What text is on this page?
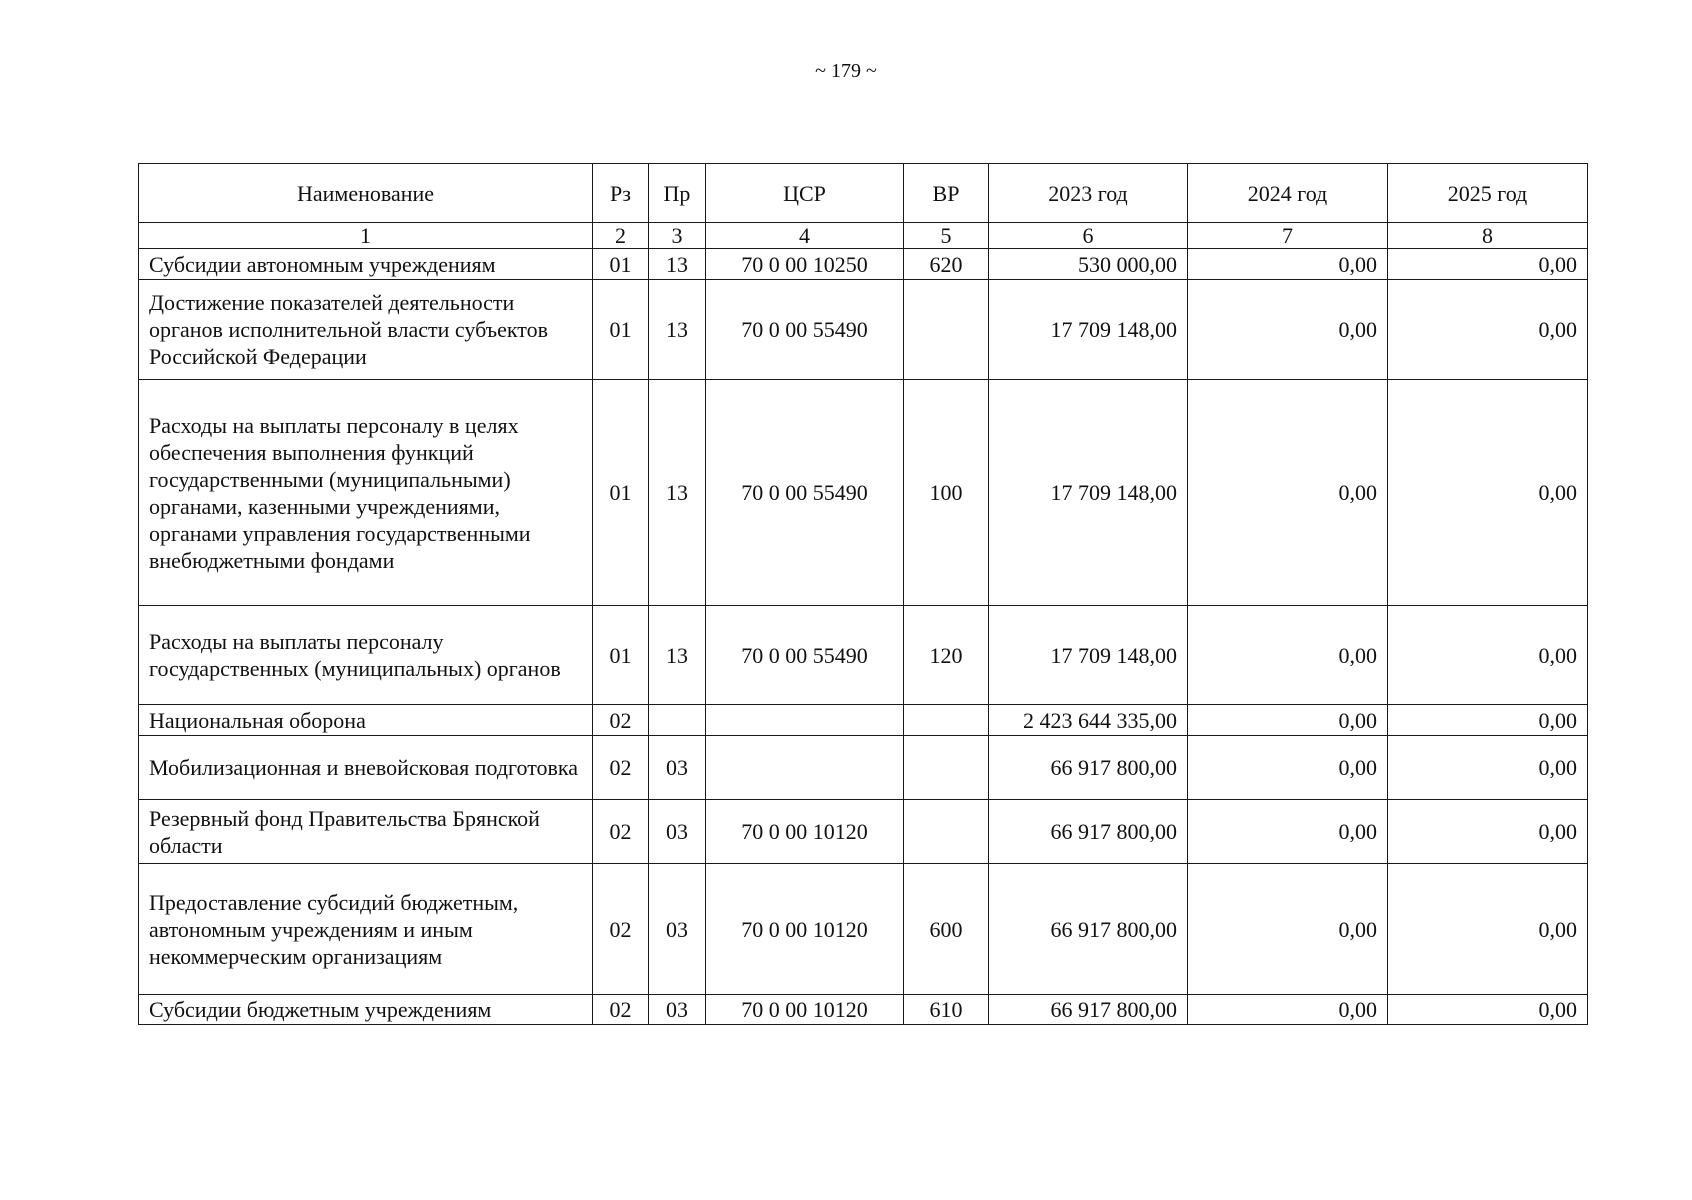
~ 179 ~
Наименование	Рз	Пр	ЦСР	ВР	2023 год	2024 год	2025 год
1	2	3	4	5	6	7	8
Субсидии автономным учреждениям	01	13	70 0 00 10250	620	530 000,00	0,00	0,00
Достижение показателей деятельности органов исполнительной власти субъектов Российской Федерации	01	13	70 0 00 55490		17 709 148,00	0,00	0,00
Расходы на выплаты персоналу в целях обеспечения выполнения функций государственными (муниципальными) органами, казенными учреждениями, органами управления государственными внебюджетными фондами	01	13	70 0 00 55490	100	17 709 148,00	0,00	0,00
Расходы на выплаты персоналу государственных (муниципальных) органов	01	13	70 0 00 55490	120	17 709 148,00	0,00	0,00
Национальная оборона	02				2 423 644 335,00	0,00	0,00
Мобилизационная и вневойсковая подготовка	02	03			66 917 800,00	0,00	0,00
Резервный фонд Правительства Брянской области	02	03	70 0 00 10120		66 917 800,00	0,00	0,00
Предоставление субсидий бюджетным, автономным учреждениям и иным некоммерческим организациям	02	03	70 0 00 10120	600	66 917 800,00	0,00	0,00
Субсидии бюджетным учреждениям	02	03	70 0 00 10120	610	66 917 800,00	0,00	0,00
